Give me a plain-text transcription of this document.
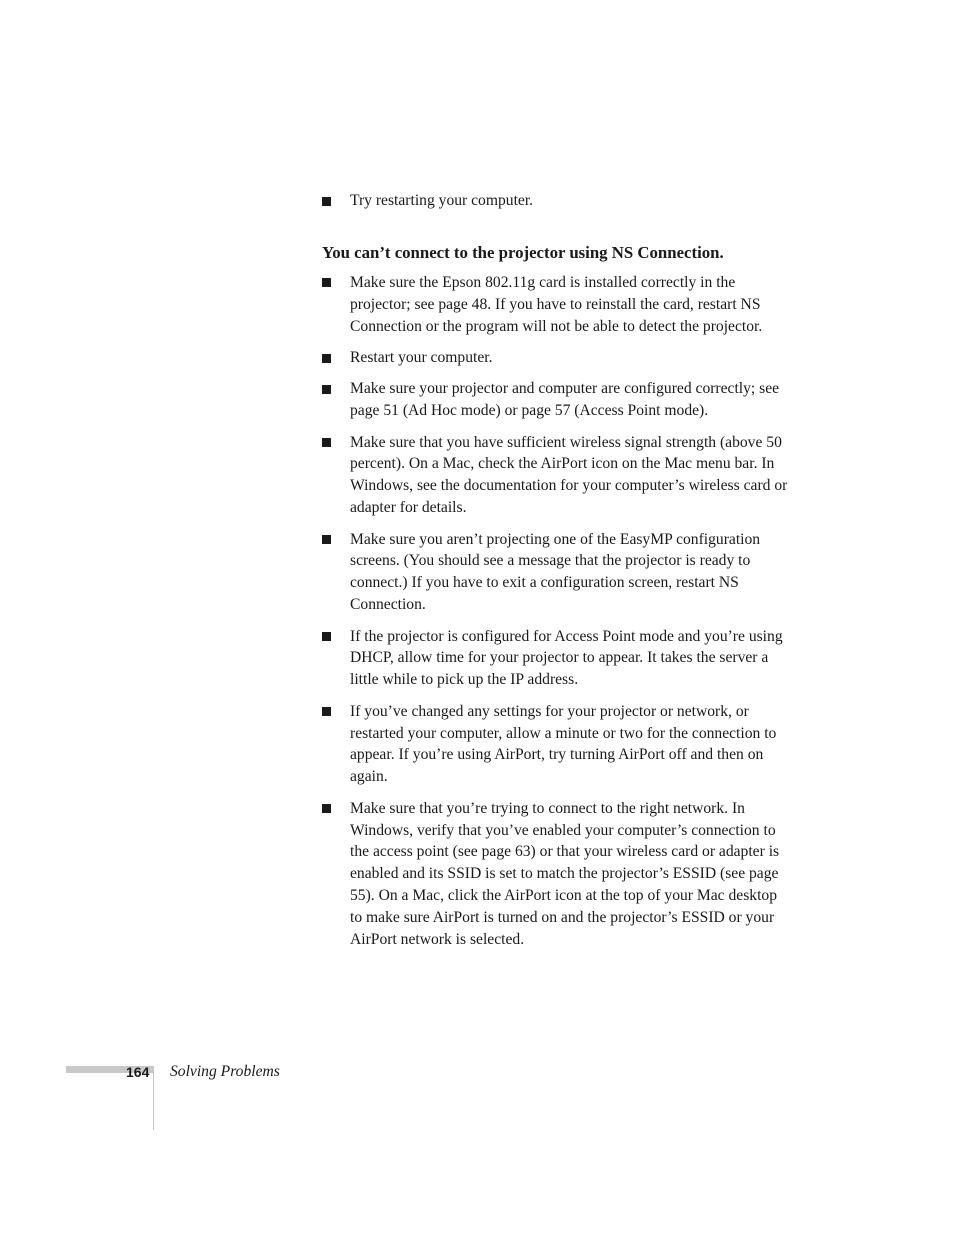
Try restarting your computer.
You can’t connect to the projector using NS Connection.
Make sure the Epson 802.11g card is installed correctly in the projector; see page 48. If you have to reinstall the card, restart NS Connection or the program will not be able to detect the projector.
Restart your computer.
Make sure your projector and computer are configured correctly; see page 51 (Ad Hoc mode) or page 57 (Access Point mode).
Make sure that you have sufficient wireless signal strength (above 50 percent). On a Mac, check the AirPort icon on the Mac menu bar. In Windows, see the documentation for your computer’s wireless card or adapter for details.
Make sure you aren’t projecting one of the EasyMP configuration screens. (You should see a message that the projector is ready to connect.) If you have to exit a configuration screen, restart NS Connection.
If the projector is configured for Access Point mode and you’re using DHCP, allow time for your projector to appear. It takes the server a little while to pick up the IP address.
If you’ve changed any settings for your projector or network, or restarted your computer, allow a minute or two for the connection to appear. If you’re using AirPort, try turning AirPort off and then on again.
Make sure that you’re trying to connect to the right network. In Windows, verify that you’ve enabled your computer’s connection to the access point (see page 63) or that your wireless card or adapter is enabled and its SSID is set to match the projector’s ESSID (see page 55). On a Mac, click the AirPort icon at the top of your Mac desktop to make sure AirPort is turned on and the projector’s ESSID or your AirPort network is selected.
164 Solving Problems
